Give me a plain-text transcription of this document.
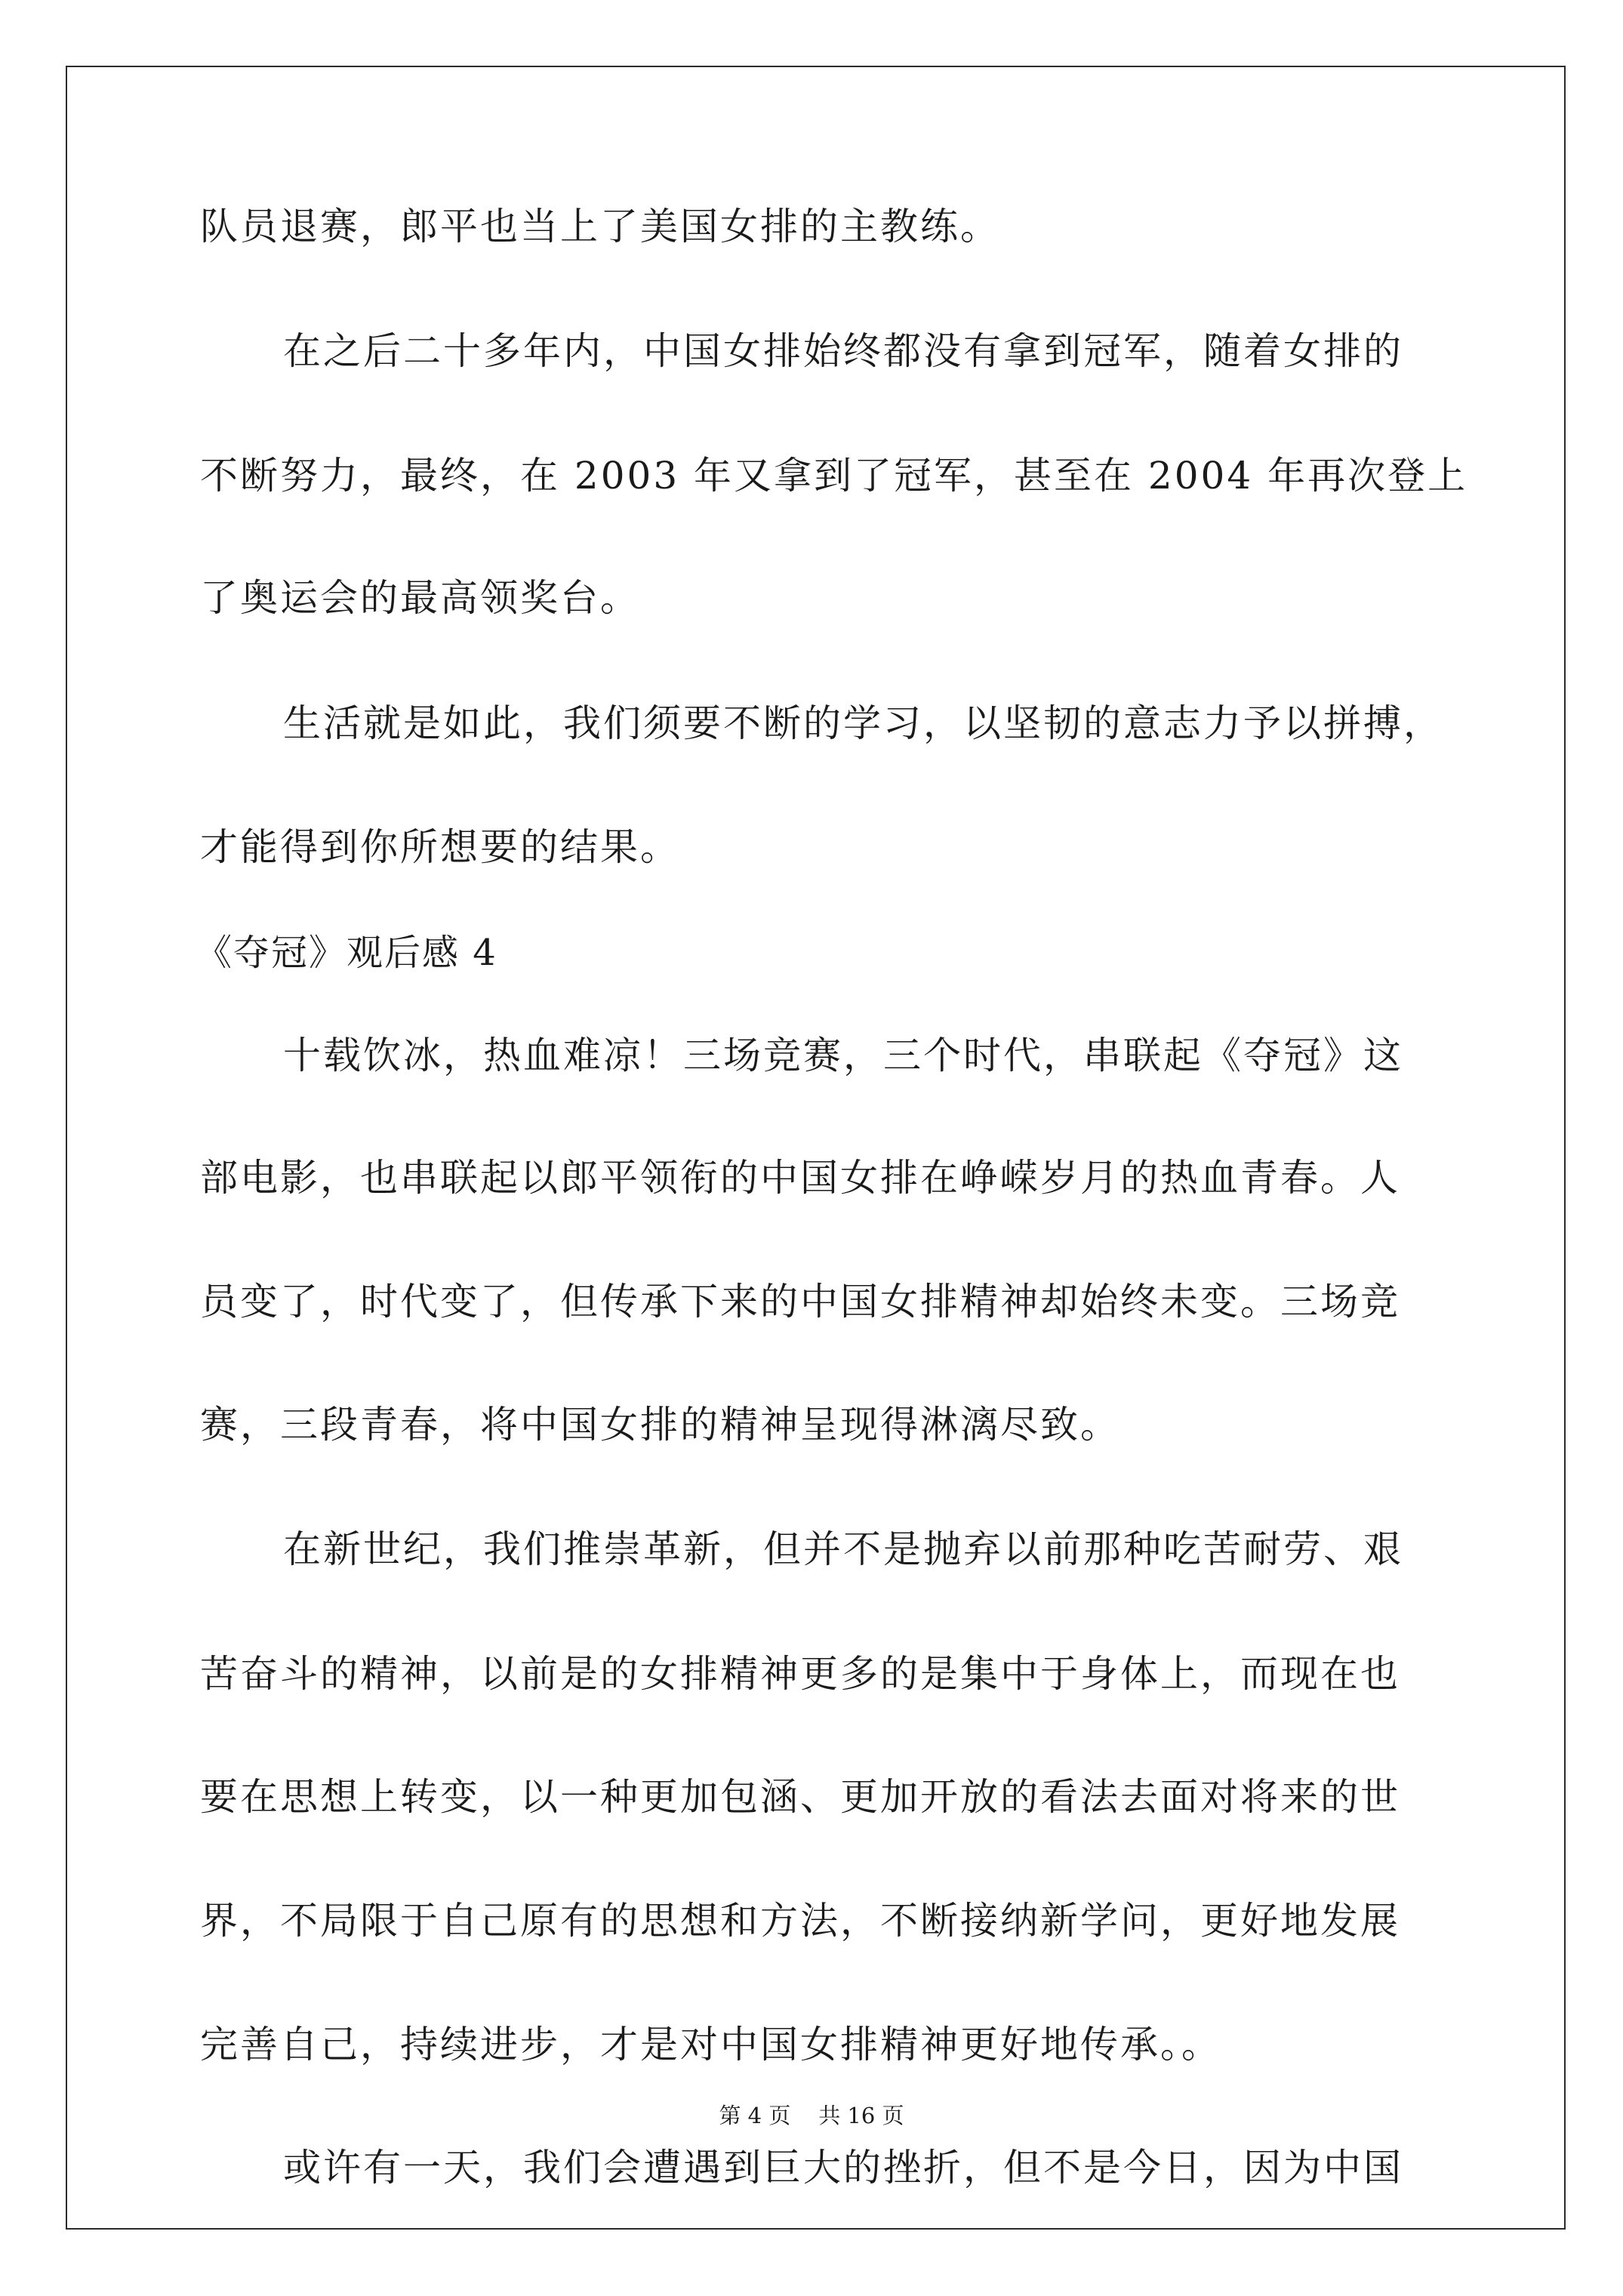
队员退赛，郎平也当上了美国女排的主教练。
在之后二十多年内，中国女排始终都没有拿到冠军，随着女排的
不断努力，最终，在 2003 年又拿到了冠军，甚至在 2004 年再次登上
了奥运会的最高领奖台。
生活就是如此，我们须要不断的学习，以坚韧的意志力予以拼搏，
才能得到你所想要的结果。
《夺冠》观后感 4
十载饮冰，热血难凉！三场竞赛，三个时代，串联起《夺冠》这
部电影，也串联起以郎平领衔的中国女排在峥嵘岁月的热血青春。人
员变了，时代变了，但传承下来的中国女排精神却始终未变。三场竞
赛，三段青春，将中国女排的精神呈现得淋漓尽致。
在新世纪，我们推崇革新，但并不是抛弃以前那种吃苦耐劳、艰
苦奋斗的精神，以前是的女排精神更多的是集中于身体上，而现在也
要在思想上转变，以一种更加包涵、更加开放的看法去面对将来的世
界，不局限于自己原有的思想和方法，不断接纳新学问，更好地发展
完善自己，持续进步，才是对中国女排精神更好地传承。。
或许有一天，我们会遭遇到巨大的挫折，但不是今日，因为中国
第 4 页    共 16 页
